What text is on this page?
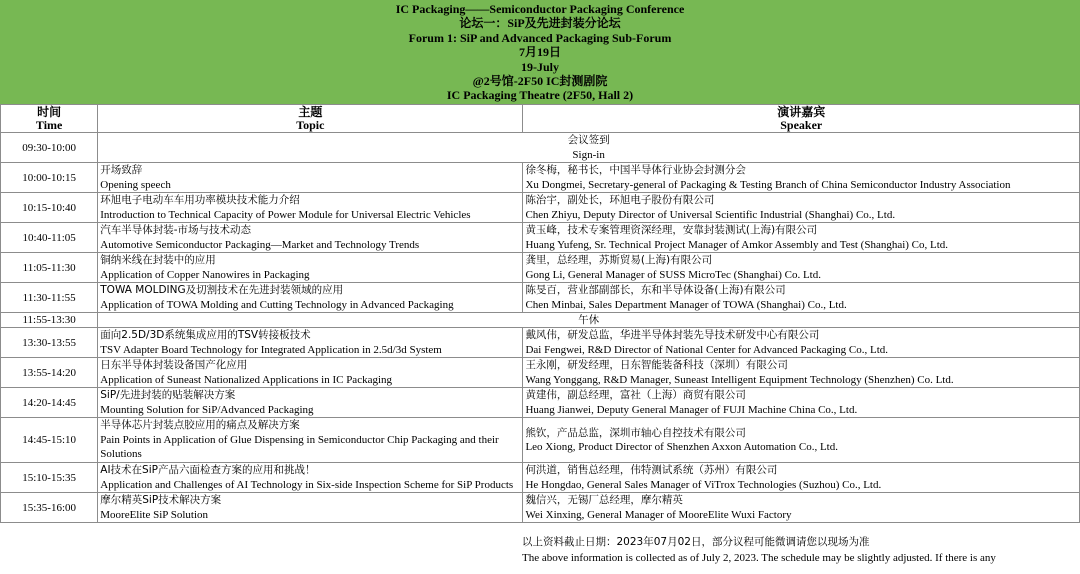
IC Packaging——Semiconductor Packaging Conference
论坛一：SiP及先进封装分论坛
Forum 1: SiP and Advanced Packaging Sub-Forum
7月19日
19-July
@2号馆-2F50 IC封测剧院
IC Packaging Theatre (2F50, Hall 2)
时间
Time	主题
Topic	演讲嘉宾
Speaker

09:30-10:00	会议签到
Sign-in	

10:00-10:15	开场致辞
Opening speech	徐冬梅，秘书长，中国半导体行业协会封测分会
Xu Dongmei, Secretary-general of Packaging & Testing Branch of China Semiconductor Industry Association

10:15-10:40	环旭电子电动车车用功率模块技术能力介绍
Introduction to Technical Capacity of Power Module for Universal Electric Vehicles	陈治宇，副处长，环旭电子股份有限公司
Chen Zhiyu, Deputy Director of Universal Scientific Industrial (Shanghai) Co., Ltd.

10:40-11:05	汽车半导体封装-市场与技术动态
Automotive Semiconductor Packaging—Market and Technology Trends	黄玉峰，技术专案管理资深经理，安靠封装测试(上海)有限公司
Huang Yufeng, Sr. Technical Project Manager of Amkor Assembly and Test (Shanghai) Co, Ltd.

11:05-11:30	铜纳米线在封装中的应用
Application of Copper Nanowires in Packaging	龚里，总经理，苏斯贸易(上海)有限公司
Gong Li, General Manager of SUSS MicroTec (Shanghai) Co. Ltd.

11:30-11:55	TOWA MOLDING及切割技术在先进封装领域的应用
Application of TOWA Molding and Cutting Technology in Advanced Packaging	陈旻百，营业部副部长，东和半导体设备(上海)有限公司
Chen Minbai, Sales Department Manager of TOWA (Shanghai) Co., Ltd.

11:55-13:30	午休	

13:30-13:55	面向2.5D/3D系统集成应用的TSV转接板技术
TSV Adapter Board Technology for Integrated Application in 2.5d/3d System	戴风伟，研发总监，华进半导体封装先导技术研发中心有限公司
Dai Fengwei, R&D Director of National Center for Advanced Packaging Co., Ltd.

13:55-14:20	日东半导体封装设备国产化应用
Application of Suneast Nationalized Applications in IC Packaging	王永刚，研发经理，日东智能装备科技（深圳）有限公司
Wang Yonggang, R&D Manager, Suneast Intelligent Equipment Technology (Shenzhen) Co. Ltd.

14:20-14:45	SiP/先进封装的贴装解决方案
Mounting Solution for SiP/Advanced Packaging	黄建伟，副总经理，富社（上海）商贸有限公司
Huang Jianwei, Deputy General Manager of FUJI Machine China Co., Ltd.

14:45-15:10	半导体芯片封装点胶应用的痛点及解决方案
Pain Points in Application of Glue Dispensing in Semiconductor Chip Packaging and their Solutions	熊钦，产品总监，深圳市轴心自控技术有限公司
Leo Xiong, Product Director of Shenzhen Axxon Automation Co., Ltd.

15:10-15:35	AI技术在SiP产品六面检查方案的应用和挑战！
Application and Challenges of AI Technology in Six-side Inspection Scheme for SiP Products	何洪道，销售总经理，伟特测试系统（苏州）有限公司
He Hongdao, General Sales Manager of ViTrox Technologies (Suzhou) Co., Ltd.

15:35-16:00	摩尔精英SiP技术解决方案
MooreElite SiP Solution	魏信兴，无锡厂总经理，摩尔精英
Wei Xinxing, General Manager of MooreElite Wuxi Factory
以上资料截止日期：2023年07月02日，部分议程可能微调请您以现场为准
The above information is collected as of July 2, 2023. The schedule may be slightly adjusted. If there is any
